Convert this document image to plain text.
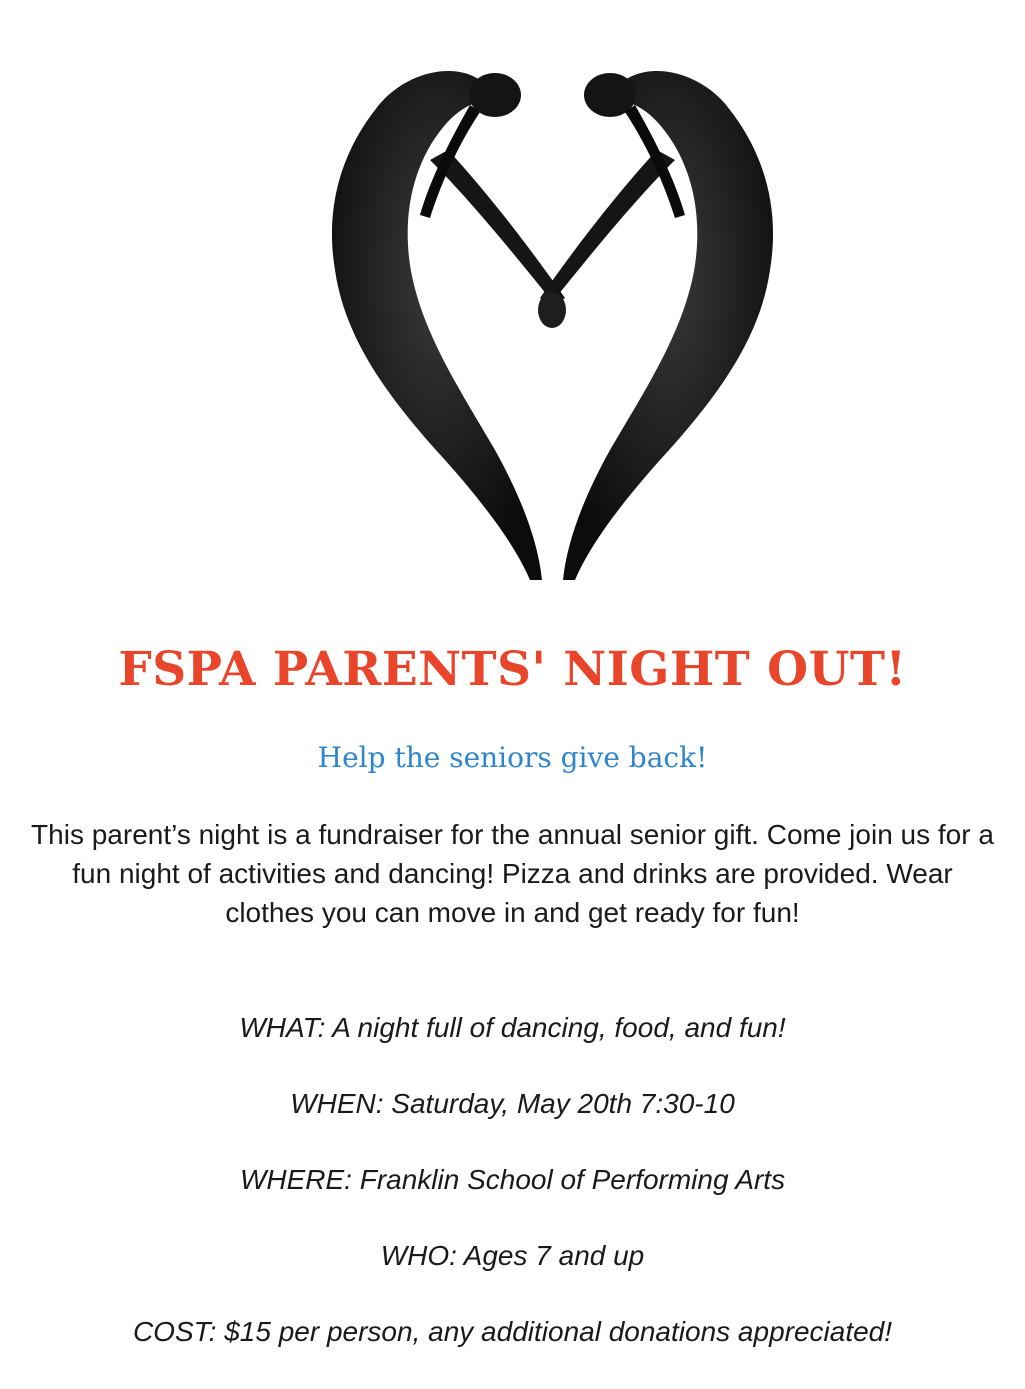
FSPA PARENTS' NIGHT OUT!
Help the seniors give back!
This parent’s night is a fundraiser for the annual senior gift. Come join us for a fun night of activities and dancing! Pizza and drinks are provided. Wear clothes you can move in and get ready for fun!
WHAT: A night full of dancing, food, and fun!
WHEN: Saturday, May 20th 7:30-10
WHERE: Franklin School of Performing Arts
WHO: Ages 7 and up
COST: $15 per person, any additional donations appreciated!
